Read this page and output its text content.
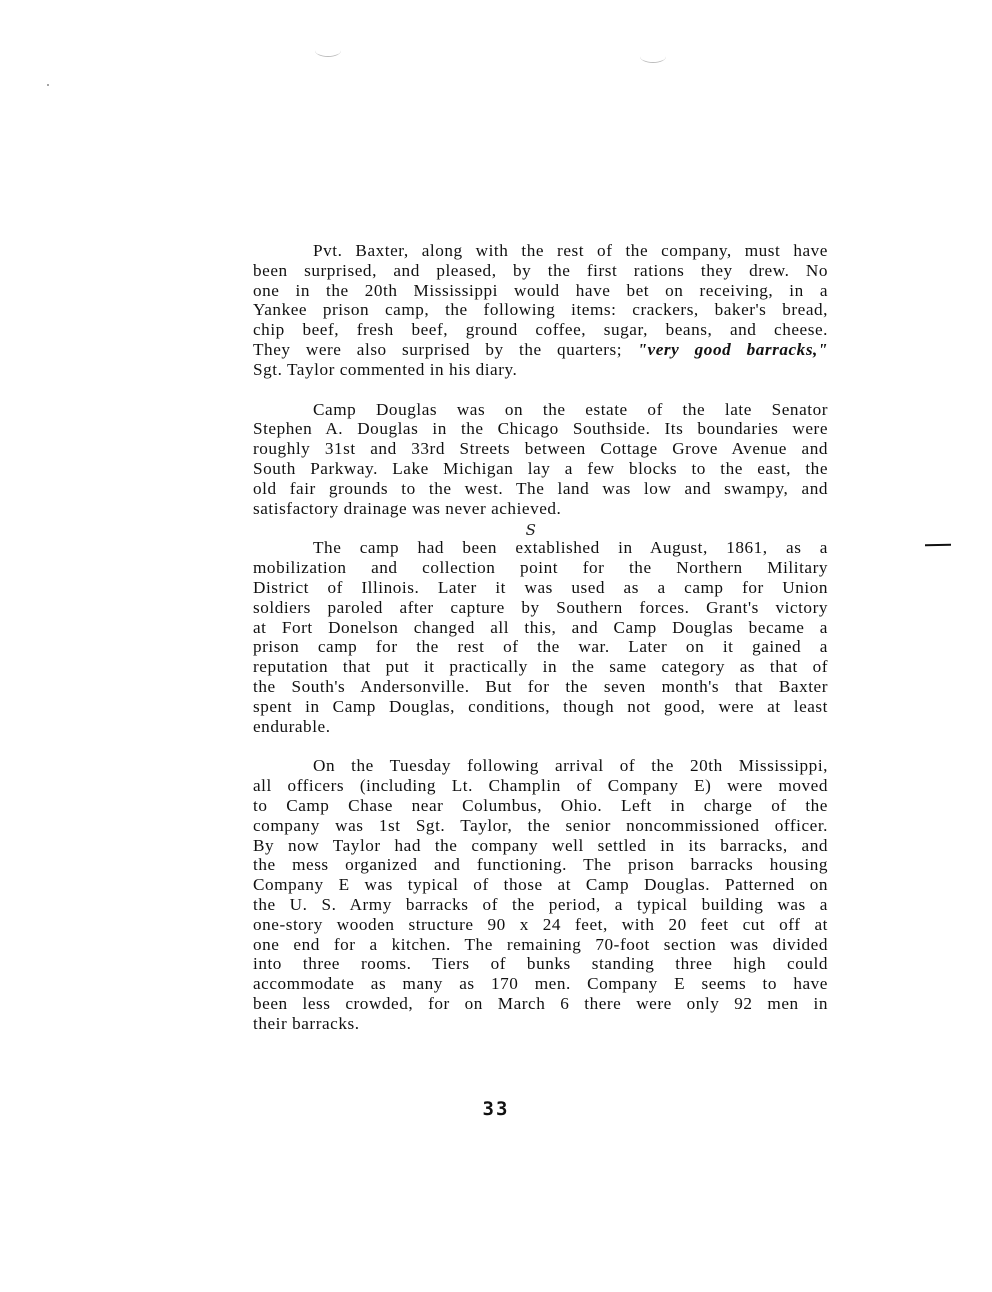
Pvt. Baxter, along with the rest of the company, must have
been surprised, and pleased, by the first rations they drew. No
one in the 20th Mississippi would have bet on receiving, in a
Yankee prison camp, the following items: crackers, baker's bread,
chip beef, fresh beef, ground coffee, sugar, beans, and cheese.
They were also surprised by the quarters; "very good barracks,"
Sgt. Taylor commented in his diary.
Camp Douglas was on the estate of the late Senator
Stephen A. Douglas in the Chicago Southside. Its boundaries were
roughly 31st and 33rd Streets between Cottage Grove Avenue and
South Parkway. Lake Michigan lay a few blocks to the east, the
old fair grounds to the west. The land was low and swampy, and
satisfactory drainage was never achieved.
The camp had been e
S
xtablished in August, 1861, as a
mobilization and collection point for the Northern Military
District of Illinois. Later it was used as a camp for Union
soldiers paroled after capture by Southern forces. Grant's victory
at Fort Donelson changed all this, and Camp Douglas became a
prison camp for the rest of the war. Later on it gained a
reputation that put it practically in the same category as that of
the South's Andersonville. But for the seven month's that Baxter
spent in Camp Douglas, conditions, though not good, were at least
endurable.
On the Tuesday following arrival of the 20th Mississippi,
all officers (including Lt. Champlin of Company E) were moved
to Camp Chase near Columbus, Ohio. Left in charge of the
company was 1st Sgt. Taylor, the senior noncommissioned officer.
By now Taylor had the company well settled in its barracks, and
the mess organized and functioning. The prison barracks housing
Company E was typical of those at Camp Douglas. Patterned on
the U. S. Army barracks of the period, a typical building was a
one-story wooden structure 90 x 24 feet, with 20 feet cut off at
one end for a kitchen. The remaining 70-foot section was divided
into three rooms. Tiers of bunks standing three high could
accommodate as many as 170 men. Company E seems to have
been less crowded, for on March 6 there were only 92 men in
their barracks.
33
